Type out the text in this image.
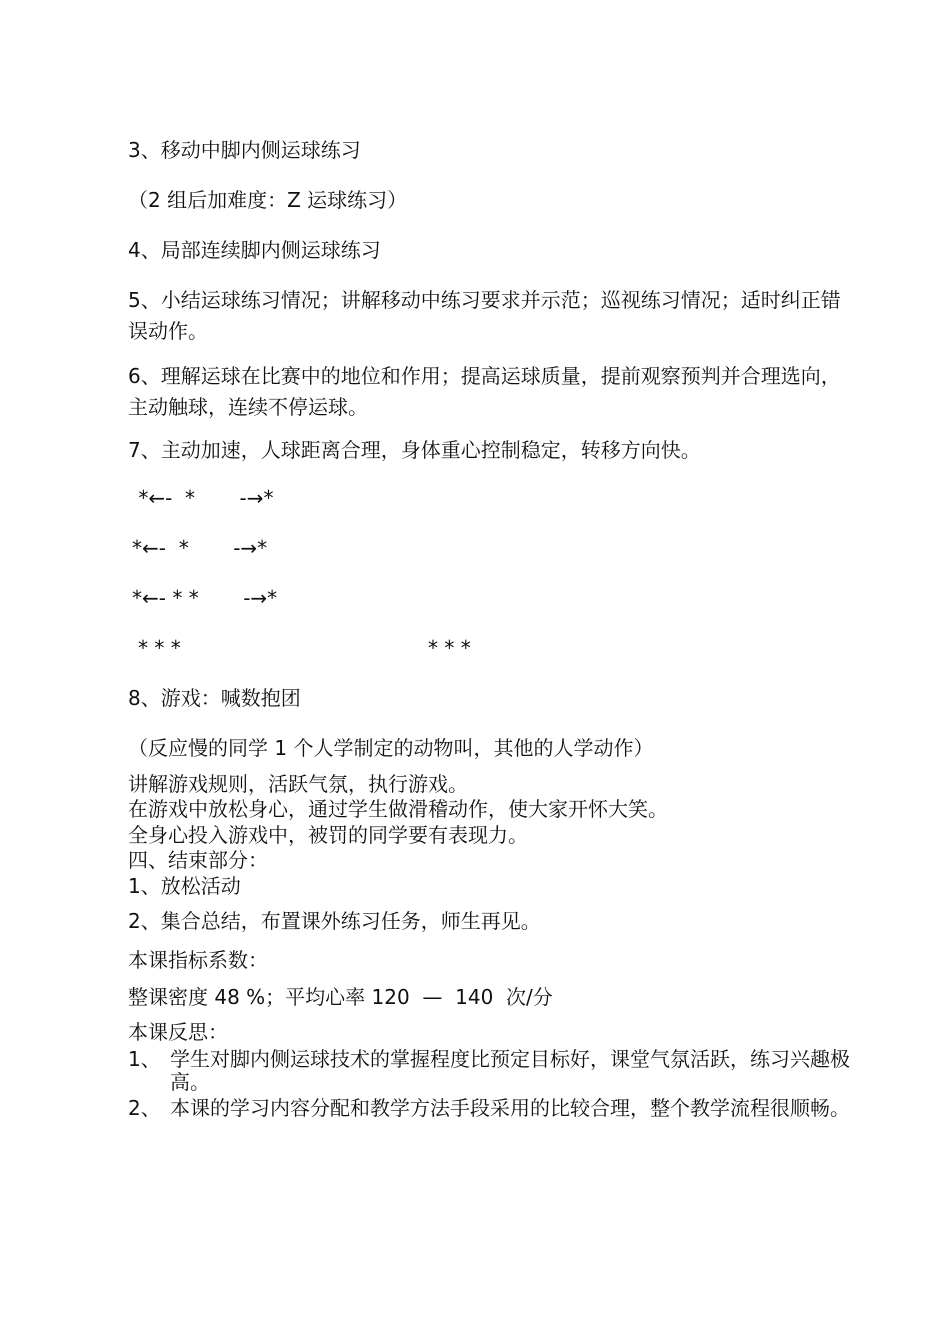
3、移动中脚内侧运球练习
（2 组后加难度：Z 运球练习）
4、局部连续脚内侧运球练习
5、小结运球练习情况；讲解移动中练习要求并示范；巡视练习情况；适时纠正错误动作。
6、理解运球在比赛中的地位和作用；提高运球质量，提前观察预判并合理选向，主动触球，连续不停运球。
7、主动加速，人球距离合理，身体重心控制稳定，转移方向快。
*←-  *       -→*
*←-  *       -→*
*←- * *       -→*
* * *	* * *
8、游戏：喊数抱团
（反应慢的同学 1 个人学制定的动物叫，其他的人学动作）
讲解游戏规则，活跃气氛，执行游戏。
在游戏中放松身心，通过学生做滑稽动作，使大家开怀大笑。
全身心投入游戏中，被罚的同学要有表现力。
四、结束部分：
1、放松活动
2、集合总结，布置课外练习任务，师生再见。
本课指标系数：
整课密度 48 %；平均心率 120  —  140  次/分
本课反思：
1、 学生对脚内侧运球技术的掌握程度比预定目标好，课堂气氛活跃，练习兴趣极高。
2、 本课的学习内容分配和教学方法手段采用的比较合理，整个教学流程很顺畅。
